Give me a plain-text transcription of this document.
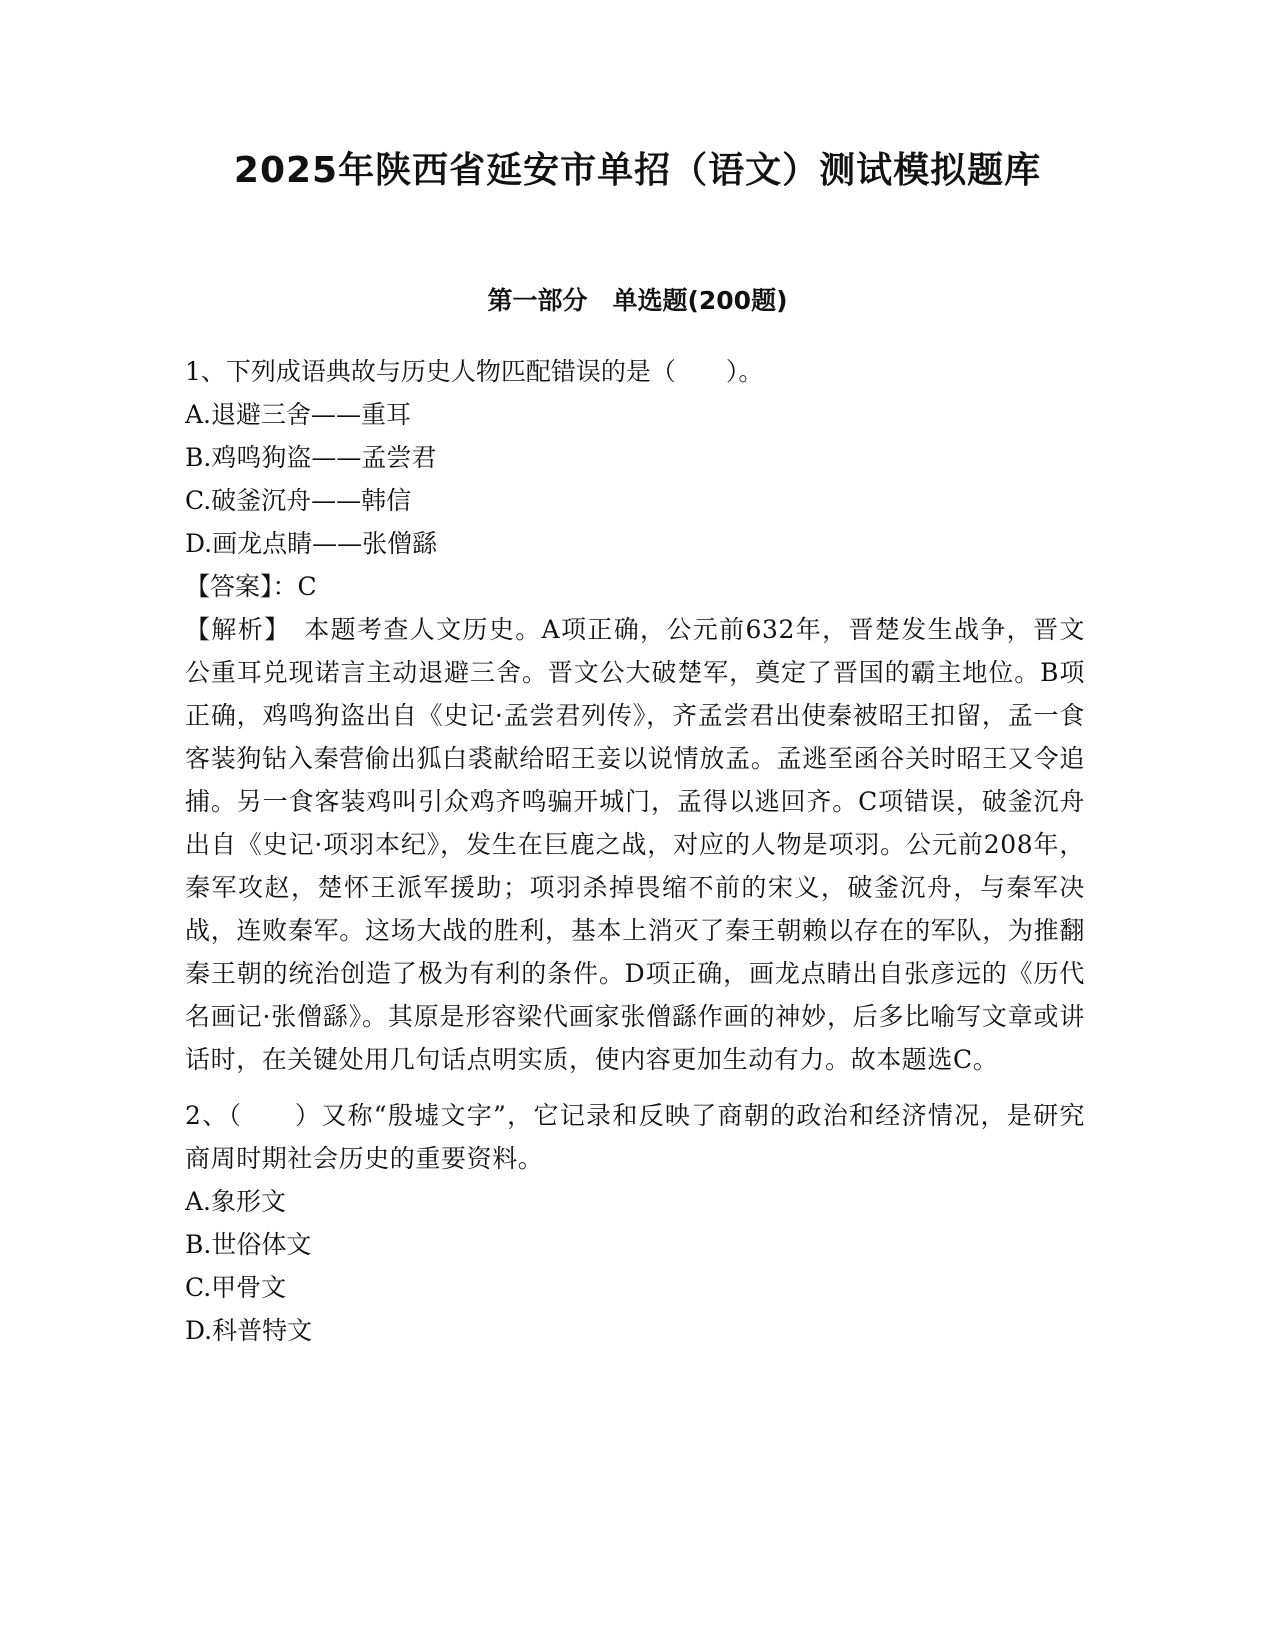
2025年陕西省延安市单招（语文）测试模拟题库
第一部分　单选题(200题)
1、下列成语典故与历史人物匹配错误的是（　　）。
A.退避三舍——重耳
B.鸡鸣狗盗——孟尝君
C.破釜沉舟——韩信
D.画龙点睛——张僧繇
【答案】：C
【解析】　本题考查人文历史。A项正确，公元前632年，晋楚发生战争，晋文公重耳兑现诺言主动退避三舍。晋文公大破楚军，奠定了晋国的霸主地位。B项正确，鸡鸣狗盗出自《史记·孟尝君列传》，齐孟尝君出使秦被昭王扣留，孟一食客装狗钻入秦营偷出狐白裘献给昭王妾以说情放孟。孟逃至函谷关时昭王又令追捕。另一食客装鸡叫引众鸡齐鸣骗开城门，孟得以逃回齐。C项错误，破釜沉舟出自《史记·项羽本纪》，发生在巨鹿之战，对应的人物是项羽。公元前208年，秦军攻赵，楚怀王派军援助；项羽杀掉畏缩不前的宋义，破釜沉舟，与秦军决战，连败秦军。这场大战的胜利，基本上消灭了秦王朝赖以存在的军队，为推翻秦王朝的统治创造了极为有利的条件。D项正确，画龙点睛出自张彦远的《历代名画记·张僧繇》。其原是形容梁代画家张僧繇作画的神妙，后多比喻写文章或讲话时，在关键处用几句话点明实质，使内容更加生动有力。故本题选C。
2、（　　）又称“殷墟文字”，它记录和反映了商朝的政治和经济情况，是研究商周时期社会历史的重要资料。
A.象形文
B.世俗体文
C.甲骨文
D.科普特文
